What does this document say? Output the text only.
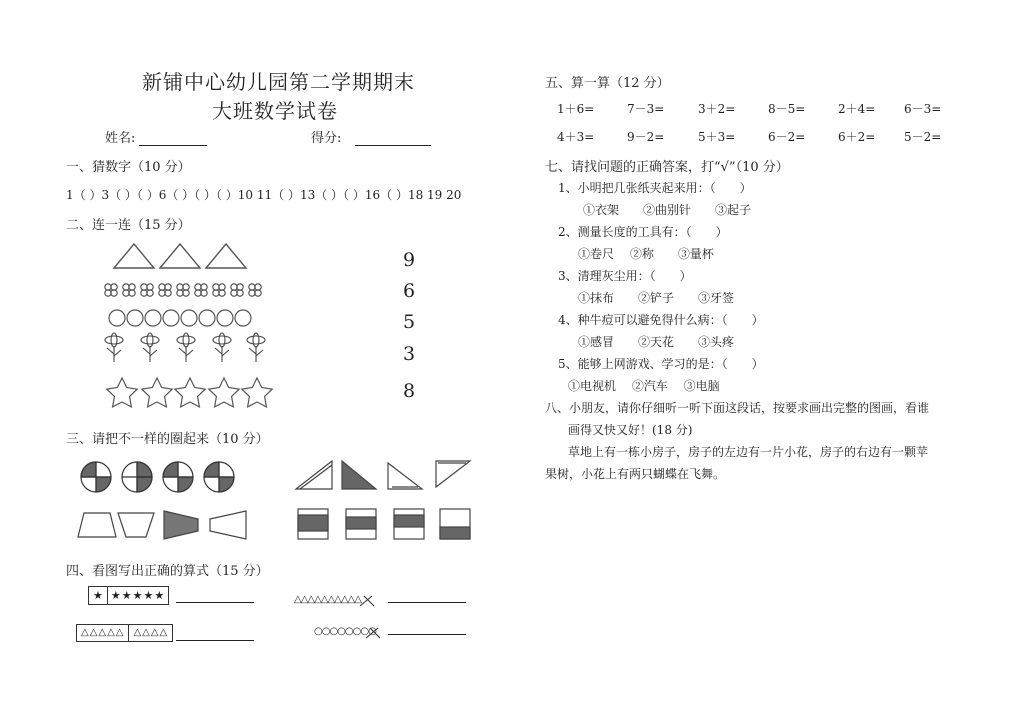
新铺中心幼儿园第二学期期末
大班数学试卷
姓名:	得分:
一、猜数字（10 分）
1（ ）3（ ）（ ）6（ ）（ ）（ ）10 11（ ）13（ ）（ ）16（ ）18 19 20
二、连一连（15 分）
9
6
5
3
8
三、请把不一样的圈起来（10 分）
四、看图写出正确的算式（15 分）
★ ★★★★★
△△△△△ △△△△
△△△△△△△△△△
○○○○○○○○
五、算一算（12 分）
1＋6=	7－3=	3＋2=	8－5=	2＋4= 6－3=
4＋3=	9－2=	5＋3=	6－2=	6＋2= 5－2=
七、请找问题的正确答案，打“√”（10 分）
1、小明把几张纸夹起来用：（　　）
①衣架　　②曲别针　　③起子
2、测量长度的工具有：（　　）
①卷尺　 ②称　　③量杯
3、清理灰尘用：（　　）
①抹布　　②铲子　　③牙签
4、种牛痘可以避免得什么病：（　　）
①感冒　　②天花　　③头疼
5、能够上网游戏、学习的是：（　　）
①电视机　 ②汽车　 ③电脑
八、小朋友，请你仔细听一听下面这段话，按要求画出完整的图画，看谁
画得又快又好！(18 分)
草地上有一栋小房子，房子的左边有一片小花，房子的右边有一颗苹
果树，小花上有两只蝴蝶在飞舞。
